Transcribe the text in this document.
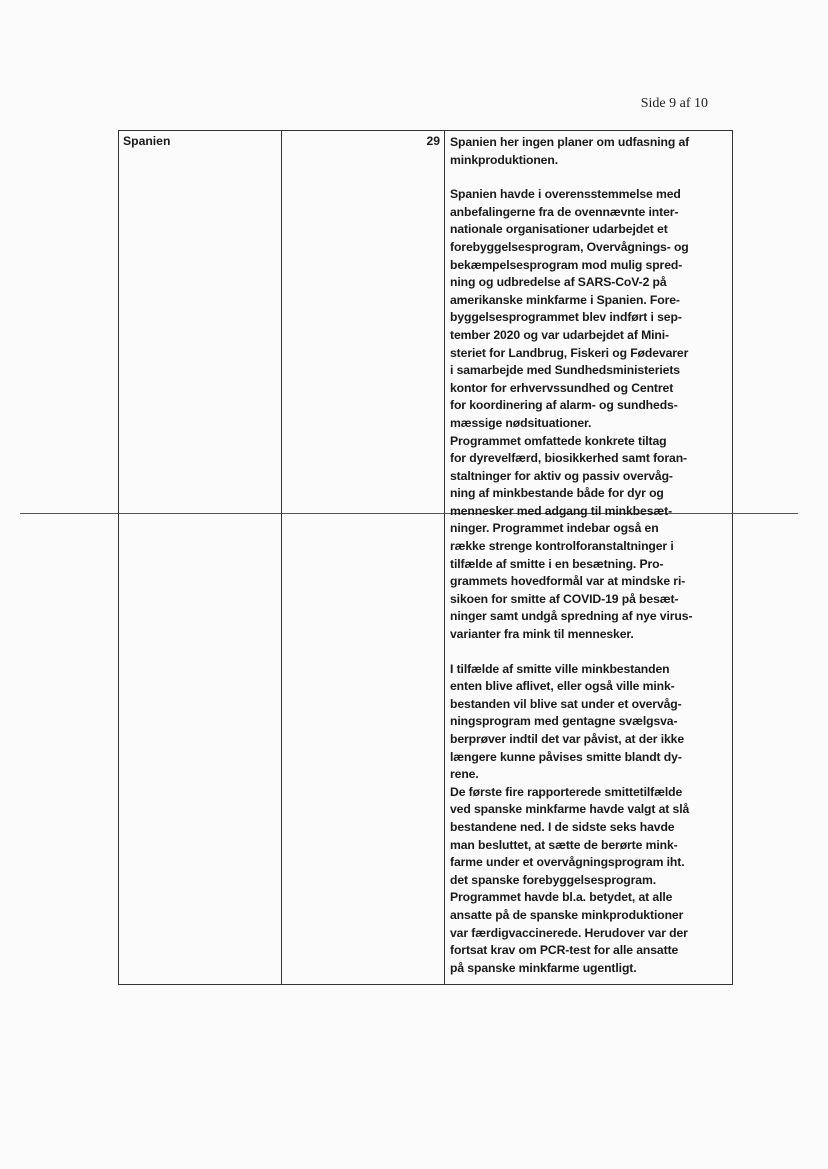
Side 9 af 10
Spanien	29	Spanien her ingen planer om udfasning af
minkproduktionen.

Spanien havde i overensstemmelse med
anbefalingerne fra de ovennævnte inter-
nationale organisationer udarbejdet et
forebyggelsesprogram, Overvågnings- og
bekæmpelsesprogram mod mulig spred-
ning og udbredelse af SARS-CoV-2 på
amerikanske minkfarme i Spanien. Fore-
byggelsesprogrammet blev indført i sep-
tember 2020 og var udarbejdet af Mini-
steriet for Landbrug, Fiskeri og Fødevarer
i samarbejde med Sundhedsministeriets
kontor for erhvervssundhed og Centret
for koordinering af alarm- og sundheds-
mæssige nødsituationer.
Programmet omfattede konkrete tiltag
for dyrevelfærd, biosikkerhed samt foran-
staltninger for aktiv og passiv overvåg-
ning af minkbestande både for dyr og
mennesker med adgang til minkbesæt-
ninger. Programmet indebar også en
række strenge kontrolforanstaltninger i
tilfælde af smitte i en besætning. Pro-
grammets hovedformål var at mindske ri-
sikoen for smitte af COVID-19 på besæt-
ninger samt undgå spredning af nye virus-
varianter fra mink til mennesker.

I tilfælde af smitte ville minkbestanden
enten blive aflivet, eller også ville mink-
bestanden vil blive sat under et overvåg-
ningsprogram med gentagne svælgsva-
berprøver indtil det var påvist, at der ikke
længere kunne påvises smitte blandt dy-
rene.
De første fire rapporterede smittetilfælde
ved spanske minkfarme havde valgt at slå
bestandene ned. I de sidste seks havde
man besluttet, at sætte de berørte mink-
farme under et overvågningsprogram iht.
det spanske forebyggelsesprogram.
Programmet havde bl.a. betydet, at alle
ansatte på de spanske minkproduktioner
var færdigvaccinerede. Herudover var der
fortsat krav om PCR-test for alle ansatte
på spanske minkfarme ugentligt.
